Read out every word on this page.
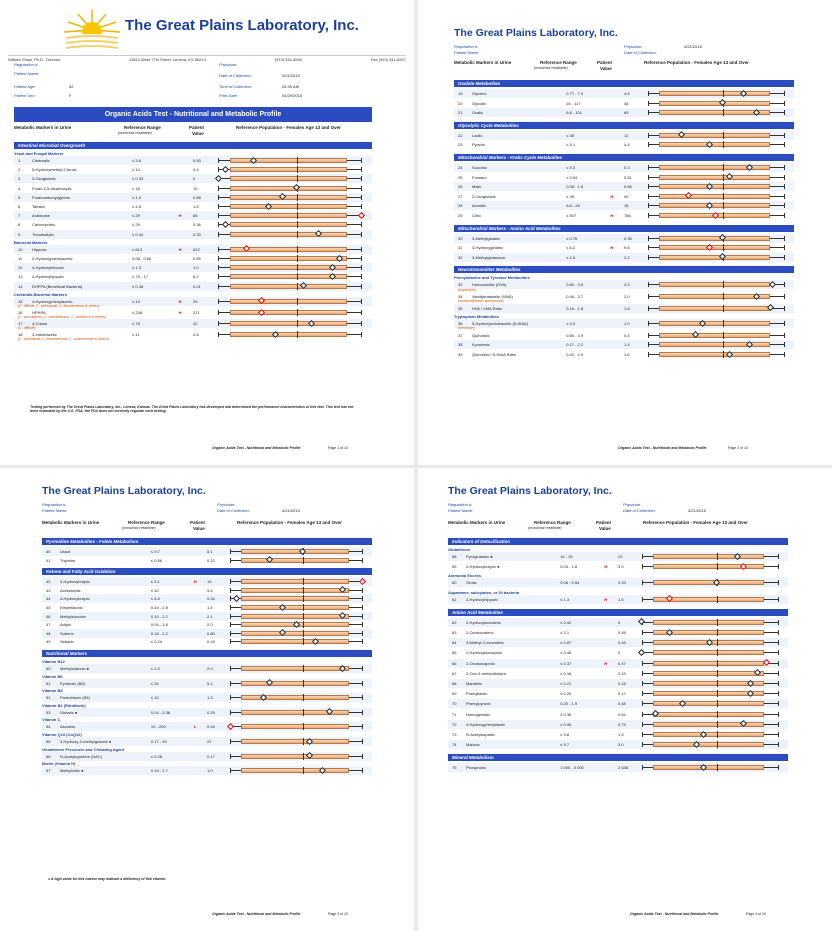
The Great Plains Laboratory, Inc.
William Shaw, Ph.D., Director	11813 West 77th Street, Lenexa, KS 66214	(913) 341-8949	Fax (913) 341-6207
Requisition #:
Patient Name:
Patient Age:	52
Patient Sex:	F
Physician:
Date of Collection:	4/21/2015
Time of Collection:	04:30 AM
Print Date:	04/29/2015
Organic Acids Test - Nutritional and Metabolic Profile
Metabolic Markers in Urine	Reference Range
(mmol/mol creatinine)
Patient
Value
Reference Population - Females Age 13 and Over
Testing performed by The Great Plains Laboratory, Inc., Lenexa, Kansas. The Great Plains Laboratory has developed and determined the performance characteristics of this test. This test has not been evaluated by the U.S. FDA; the FDA does not currently regulate such testing.
Organic Acids Test - Nutritional and Metabolic Profile	Page 1 of 10
Intestinal Microbial Overgrowth
Yeast and Fungal Markers
1	Citramalic	≤ 3.6	0.93
2	5-Hydroxymethyl-2-furoic	≤ 14	0.4
3	3-Oxoglutaric	≤ 0.33	0
4	Furan-2,5-dicarboxylic	≤ 16	10
5	Furancarbonylglycine	≤ 1.9	0.88
6	Tartaric	≤ 4.5	1.5
7	Arabinose	≤ 29	H	88
8	Carboxycitric	≤ 29	0.36
9	Tricarballylic	≤ 0.44	0.33
Bacterial Markers
10 Hippuric	≤ 613	H	622
11 2-Hydroxyphenylacetic	0.06 - 0.66	0.55
12 4-Hydroxybenzoic	≤ 1.3	1.0
13 4-Hydroxyhippuric	0.79 - 17	6.2
14 DHPPA (Beneficial Bacteria)	≤ 0.38	0.21
Clostridia Bacterial Markers
15 4-Hydroxyphenylacetic	≤ 19	H	25
(C. difficile, C. stricklandii, C. lituseburense & others)
16 HPHPA	≤ 208	H	271
(C. sporogenes, C. caloritolerans, C. botulinum & others)
17 4-Cresol	≤ 75	42
(C. difficile)
18 3-Indoleacetic	≤ 11	2.8
(C. stricklandii, C. lituseburense, C. subterminale & others)
The Great Plains Laboratory, Inc.
Requisition #:
Patient Name:
Physician:
Date of Collection:
4/21/2015
Metabolic Markers in Urine	Reference Range
(mmol/mol creatinine)
Patient
Value
Reference Population - Females Age 13 and Over
Organic Acids Test - Nutritional and Metabolic Profile	Page 2 of 10
Oxalate Metabolites
19 Glyceric	0.77 - 7.0	4.6
20 Glycolic	16 - 117	46
21 Oxalic	6.8 - 101	69
Glycolytic Cycle Metabolites
22 Lactic	≤ 48	12
23 Pyruvic	≤ 9.1	4.4
Mitochondrial Markers - Krebs Cycle Metabolites
24 Succinic	≤ 9.3	5.3
25 Fumaric	≤ 0.94	0.51
26 Malic	0.06 - 1.8	0.65
27 2-Oxoglutaric	≤ 35	H	40
28 Aconitic	6.8 - 28	16
29 Citric	≤ 507	H	786
Mitochondrial Markers - Amino Acid Metabolites
30 3-Methylglutaric	≤ 0.76	0.35
31 3-Hydroxyglutaric	≤ 6.2	H	9.6
32 3-Methylglutaconic	≤ 4.5	2.2
Neurotransmitter Metabolites
Phenylalanine and Tyrosine Metabolites
33 Homovanillic (HVA)	0.80 - 3.6	3.3
(dopamine)
34 Vanillylmandelic (VMA)	0.46 - 3.7	2.0
(norepinephrine, epinephrine)
35 HVA / VMA Ratio	0.16 - 1.8	1.6
Tryptophan Metabolites
36 5-Hydroxyindoleacetic (5-HIAA)	≤ 4.3	1.0
(serotonin)
37 Quinolinic	0.85 - 3.9	0.4
38 Kynurenic	0.17 - 2.2	1.4
39 Quinolinic / 5-HIAA Ratio	0.42 - 2.0	1.6
The Great Plains Laboratory, Inc.
Requisition #:
Patient Name:
Physician:
Date of Collection:	4/21/2015
Metabolic Markers in Urine	Reference Range
(mmol/mol creatinine)
Patient
Value
Reference Population - Females Age 13 and Over
● A high value for this marker may indicate a deficiency of this vitamin.
Organic Acids Test - Nutritional and Metabolic Profile	Page 3 of 10
Pyrimidine Metabolites - Folate Metabolism
40 Uracil	≤ 9.7	5.1
41 Thymine	≤ 0.56	0.22
Ketone and Fatty Acid Oxidation
42 3-Hydroxybutyric	≤ 3.1	H	19
43 Acetoacetic	≤ 10	9.5
44 4-Hydroxybutyric	≤ 4.8	0.34
45 Ethylmalonic	0.44 - 2.8	1.4
46 Methylsuccinic	0.10 - 2.2	2.1
47 Adipic	0.04 - 3.8	2.0
48 Suberic	0.18 - 2.2	0.80
49 Sebacic	≤ 0.24	0.19
Nutritional Markers
Vitamin B12
50 Methylmalonic ●	≤ 2.3	2.0
Vitamin B6
51 Pyridoxic (B6)	≤ 34	5.1
Vitamin B5
52 Pantothenic (B5)	≤ 10	1.3
Vitamin B2 (Riboflavin)
53 Glutaric ●	0.04 - 0.36	0.29
Vitamin C
54 Ascorbic	10 - 200	L	0.44
Vitamin Q10 (CoQ10)
55 3-Hydroxy-3-methylglutaric ●	0.17 - 39	22
Glutathione Precursor and Chelating Agent
56 N-Acetylcysteine (NAC)	≤ 0.28	0.17
Biotin (Vitamin H)
57 Methylcitric ●	0.19 - 2.7	1.0
The Great Plains Laboratory, Inc.
Requisition #:
Patient Name:
Physician:
Date of Collection:	4/21/2015
Metabolic Markers in Urine	Reference Range
(mmol/mol creatinine)
Patient
Value
Reference Population - Females Age 13 and Over
Organic Acids Test - Nutritional and Metabolic Profile	Page 4 of 10
Indicators of Detoxification
Glutathione
58 Pyroglutamic ●	10 - 33	23
59 2-Hydroxybutyric ●	0.03 - 1.8	H	3.0
Ammonia Excess
60 Orotic	0.06 - 0.54	0.33
Aspartame, salicylates, or GI bacteria
61 2-Hydroxyhippuric	≤ 1.3	H	1.5
Amino Acid Metabolites
62 2-Hydroxyisovaleric	≤ 0.42	0
63 2-Oxoisovaleric	≤ 2.1	0.45
64 3-Methyl-2-oxovaleric	≤ 0.87	0.49
65 2-Hydroxyisocaproic	≤ 0.46	0
66 2-Oxoisocaproic	≤ 0.37	H	0.47
67 2-Oxo-4-methiolbutyric	≤ 0.16	0.15
68 Mandelic	≤ 0.21	0.18
69 Phenyllactic	≤ 0.20	0.17
70 Phenylpyruvic	0.20 - 1.9	0.48
71 Homogentisic	≤ 0.36	0.04
72 4-Hydroxyphenyllactic	≤ 0.95	0.73
73 N-Acetylaspartic	≤ 3.8	1.5
74 Malonic	≤ 9.7	3.0
Mineral Metabolism
75 Phosphoric	1 000 - 5 000	2 638
